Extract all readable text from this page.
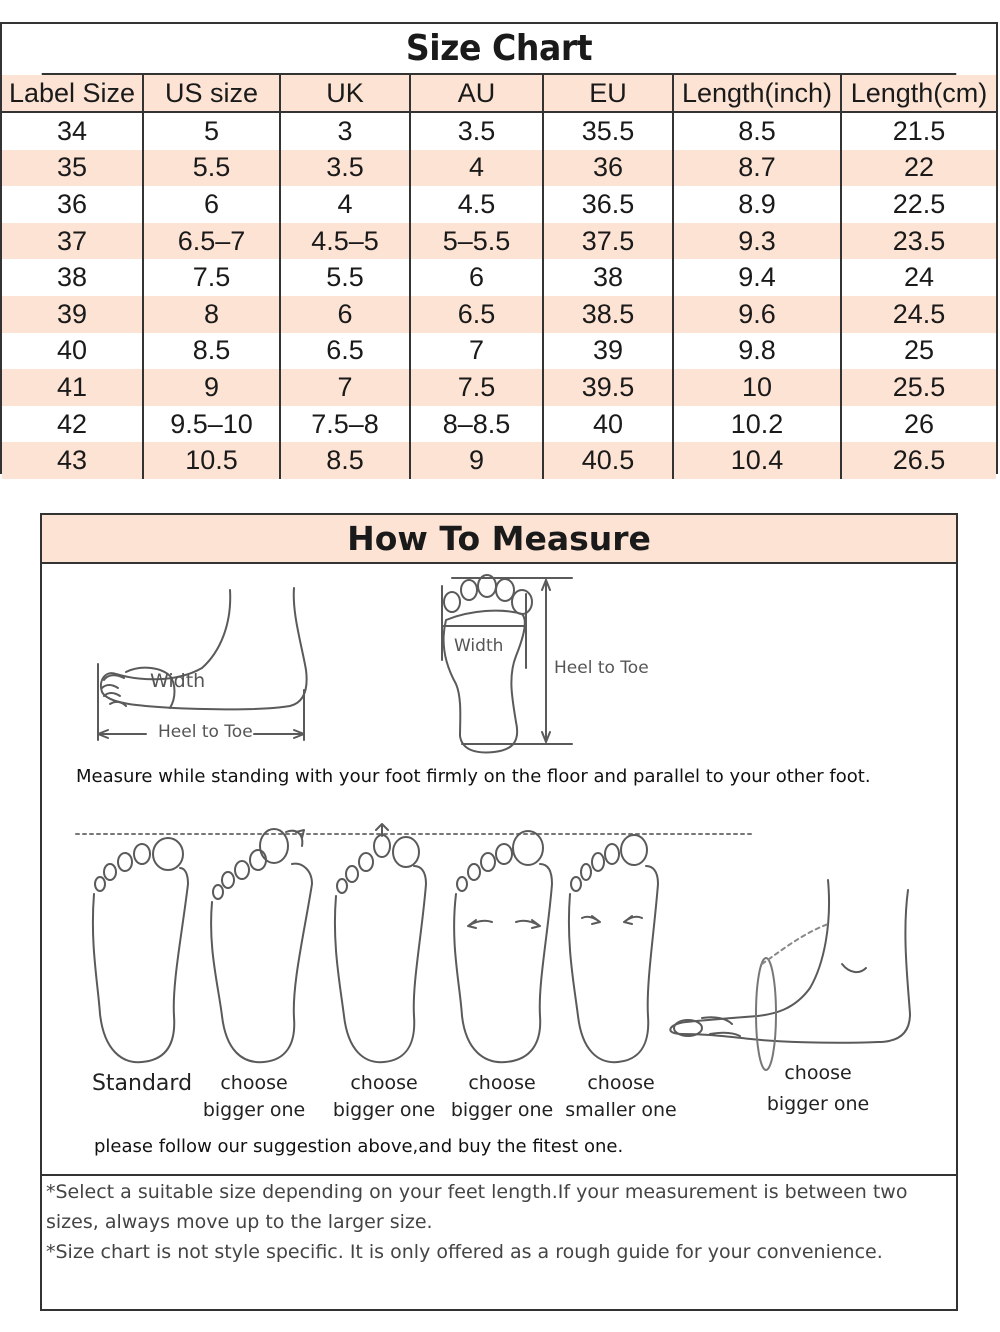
Size Chart
Label Size	US size	UK	AU	EU	Length(inch)	Length(cm)
34	5	3	3.5	35.5	8.5	21.5
35	5.5	3.5	4	36	8.7	22
36	6	4	4.5	36.5	8.9	22.5
37	6.5–7	4.5–5	5–5.5	37.5	9.3	23.5
38	7.5	5.5	6	38	9.4	24
39	8	6	6.5	38.5	9.6	24.5
40	8.5	6.5	7	39	9.8	25
41	9	7	7.5	39.5	10	25.5
42	9.5–10	7.5–8	8–8.5	40	10.2	26
43	10.5	8.5	9	40.5	10.4	26.5
How To Measure
Width
Heel to Toe
Width
Heel to Toe
Measure while standing with your foot firmly on the floor and parallel to your other foot.
Standard	choose
bigger one
choose
bigger one
choose
bigger one
choose
smaller one
choose
bigger one
please follow our suggestion above,and buy the fitest one.

*Select a suitable size depending on your feet length.If your measurement is between two sizes, always move up to the larger size.

*Size chart is not style specific. It is only offered as a rough guide for your convenience.
